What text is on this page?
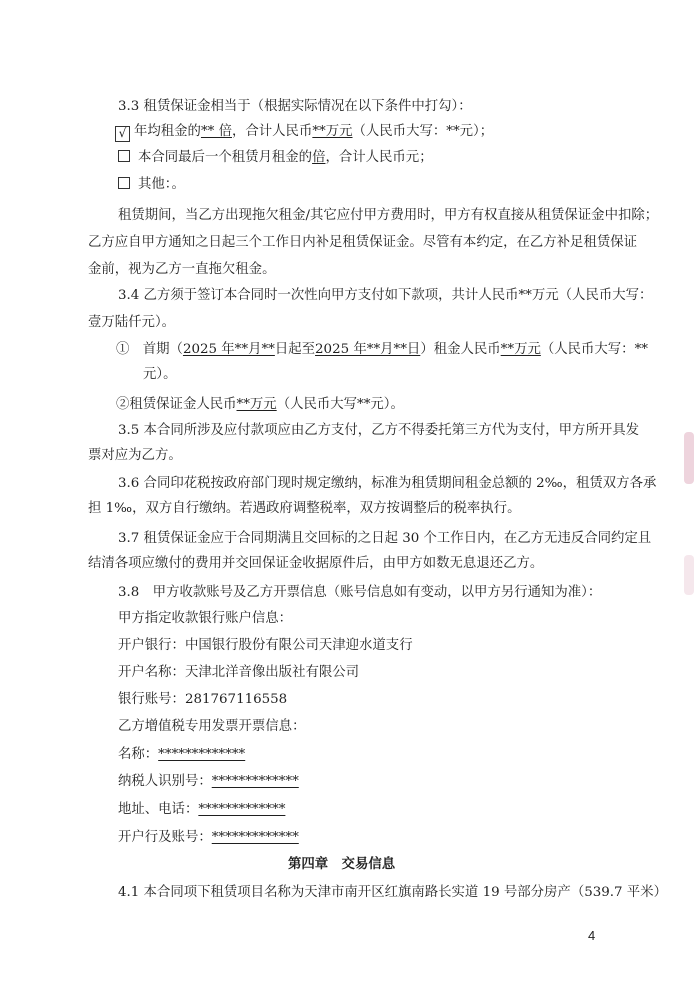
3.3 租赁保证金相当于（根据实际情况在以下条件中打勾）：
√ 年均租金的** 倍，合计人民币**万元（人民币大写：**元）；
本合同最后一个租赁月租金的倍，合计人民币元；
其他：。
租赁期间，当乙方出现拖欠租金/其它应付甲方费用时，甲方有权直接从租赁保证金中扣除；
乙方应自甲方通知之日起三个工作日内补足租赁保证金。尽管有本约定，在乙方补足租赁保证
金前，视为乙方一直拖欠租金。
3.4 乙方须于签订本合同时一次性向甲方支付如下款项，共计人民币**万元（人民币大写：
壹万陆仟元）。
①　首期（2025 年**月**日起至2025 年**月**日）租金人民币**万元（人民币大写：**
元）。
②租赁保证金人民币**万元（人民币大写**元）。
3.5 本合同所涉及应付款项应由乙方支付，乙方不得委托第三方代为支付，甲方所开具发
票对应为乙方。
3.6 合同印花税按政府部门现时规定缴纳，标准为租赁期间租金总额的 2‰，租赁双方各承
担 1‰，双方自行缴纳。若遇政府调整税率，双方按调整后的税率执行。
3.7 租赁保证金应于合同期满且交回标的之日起 30 个工作日内，在乙方无违反合同约定且
结清各项应缴付的费用并交回保证金收据原件后，由甲方如数无息退还乙方。
3.8　甲方收款账号及乙方开票信息（账号信息如有变动，以甲方另行通知为准）：
甲方指定收款银行账户信息：
开户银行：中国银行股份有限公司天津迎水道支行
开户名称：天津北洋音像出版社有限公司
银行账号：281767116558
乙方增值税专用发票开票信息：
名称：*************
纳税人识别号：*************
地址、电话：*************
开户行及账号：*************
第四章　交易信息
4.1 本合同项下租赁项目名称为天津市南开区红旗南路长实道 19 号部分房产（539.7 平米）
4
